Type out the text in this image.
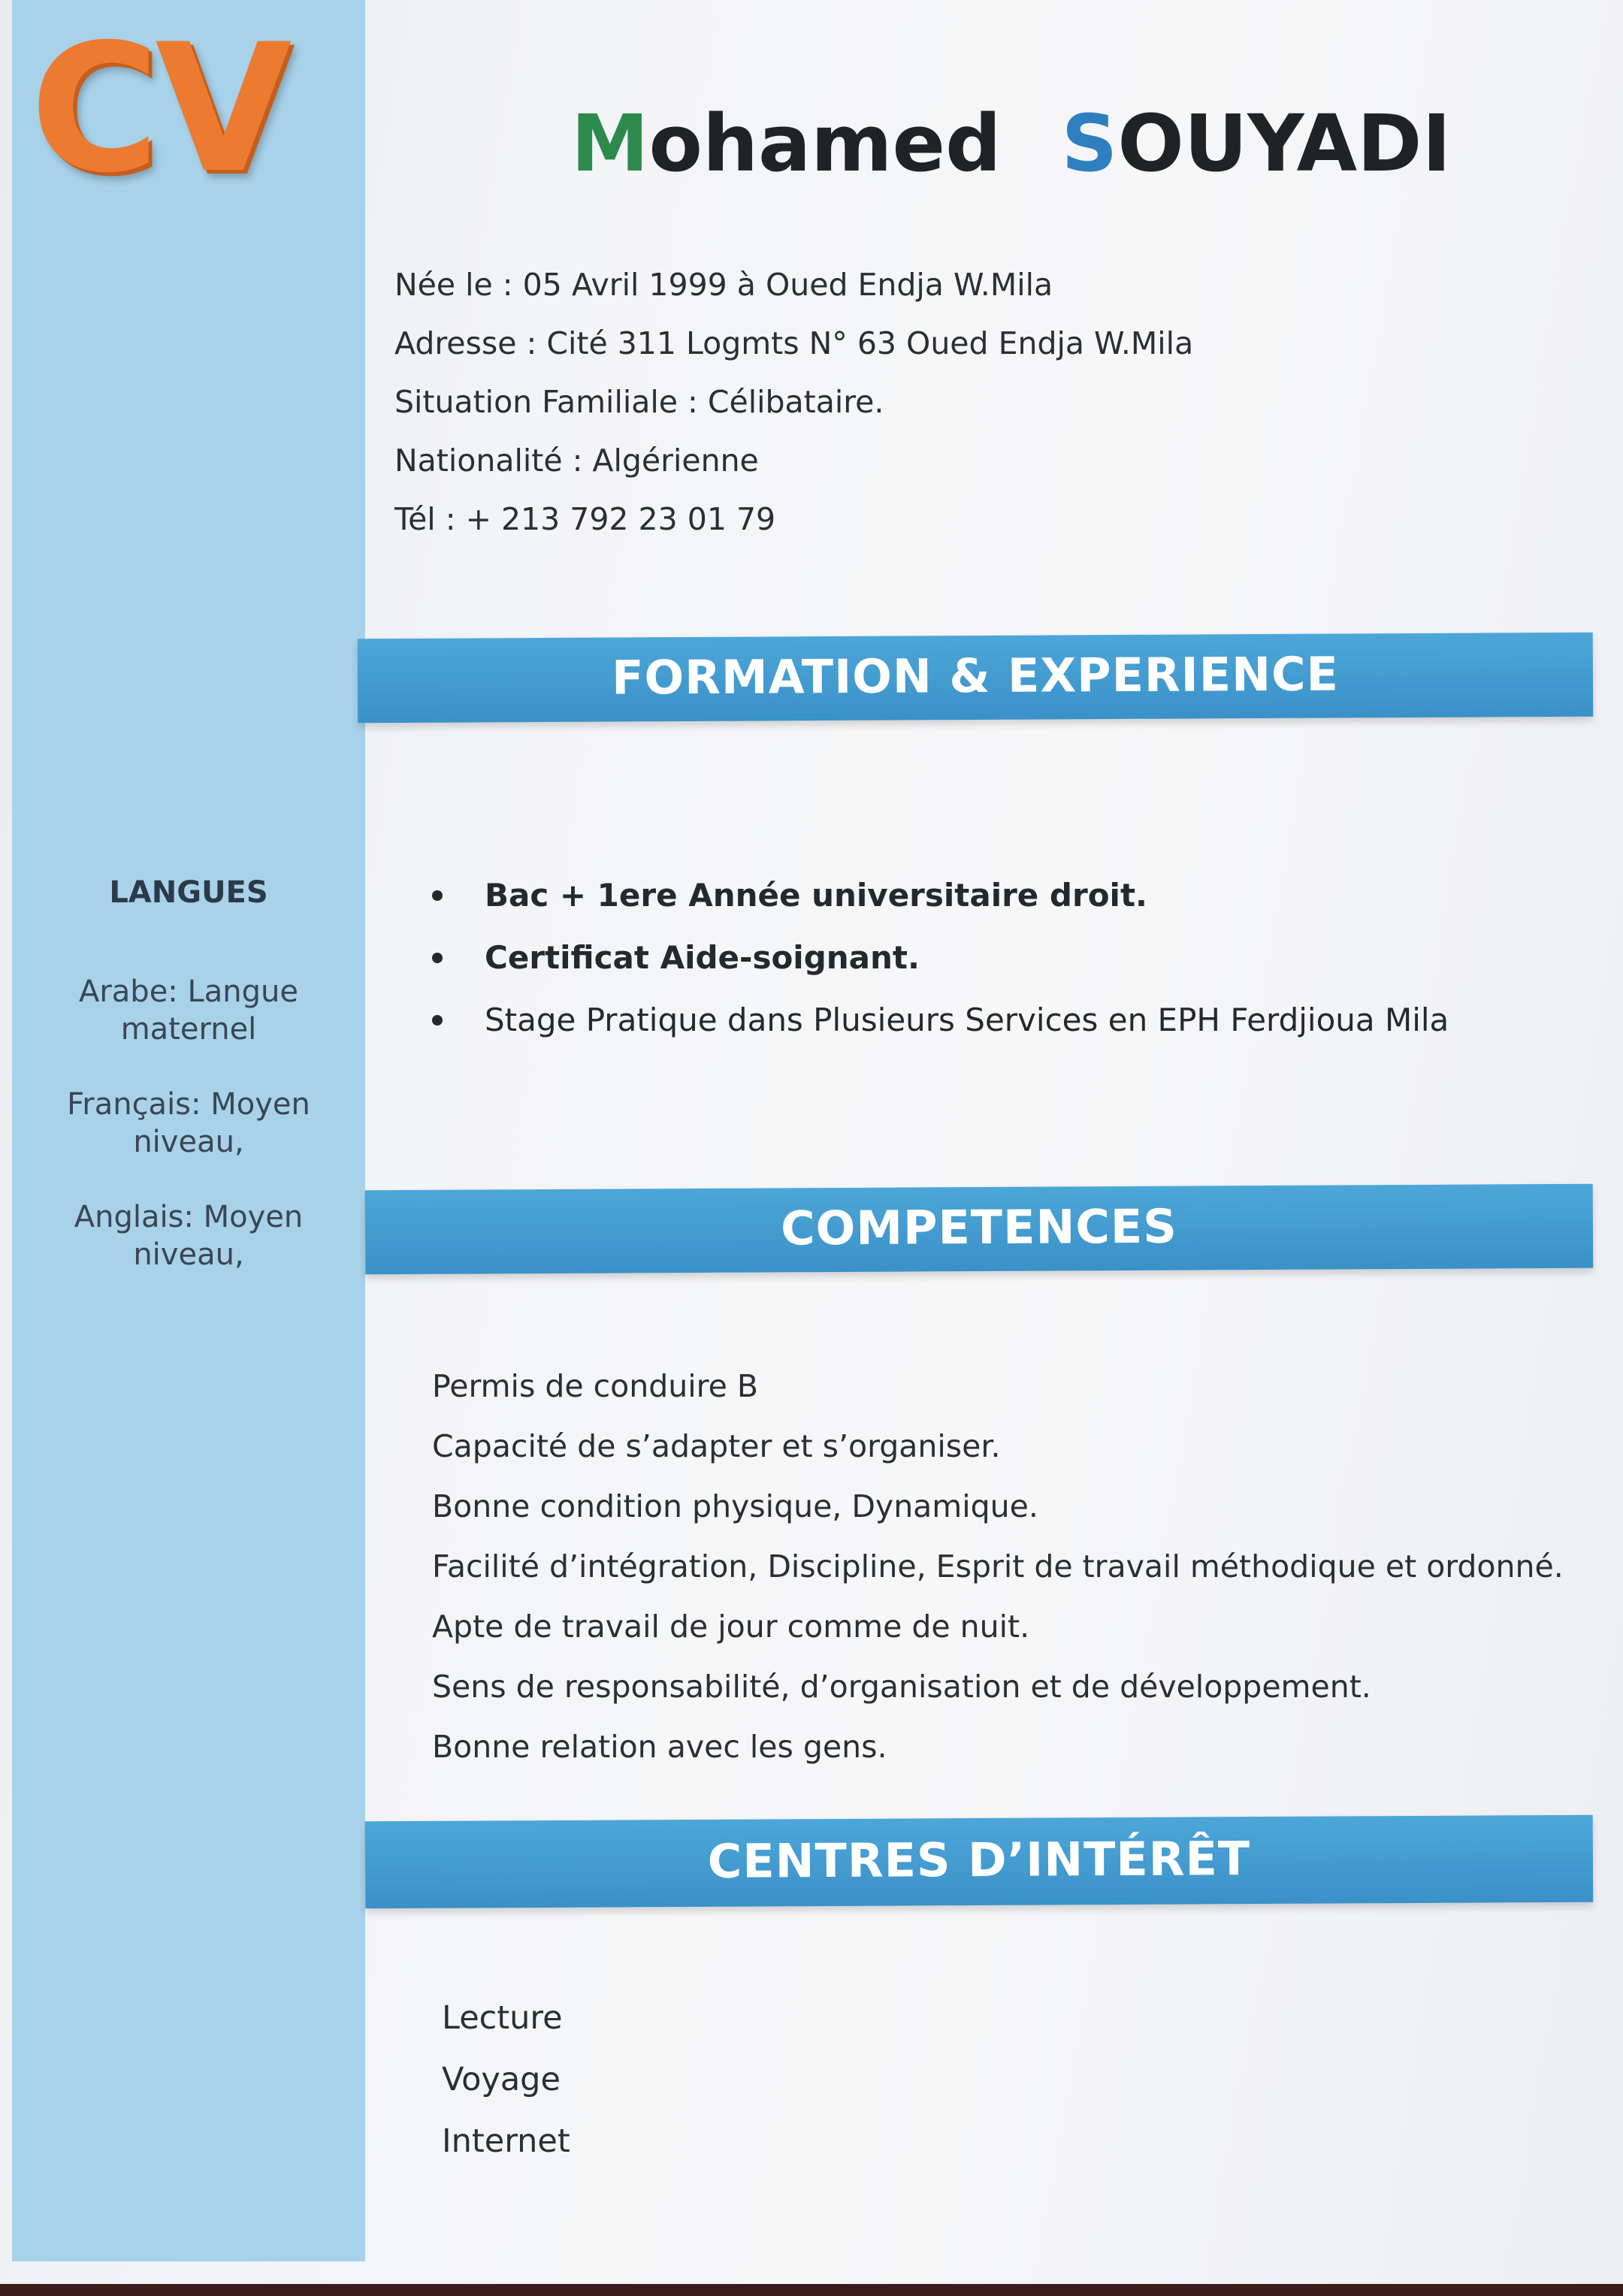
CV	Mohamed SOUYADI
Née le : 05 Avril 1999 à Oued Endja W.Mila
Adresse : Cité 311 Logmts N° 63 Oued Endja W.Mila
Situation Familiale : Célibataire.
Nationalité : Algérienne
Tél : + 213 792 23 01 79
FORMATION & EXPERIENCE
LANGUES
Arabe: Langue
maternel
Français: Moyen
niveau,
Anglais: Moyen
niveau,
Bac + 1ere Année universitaire droit.
Certificat Aide-soignant.
Stage Pratique dans Plusieurs Services en EPH Ferdjioua Mila
COMPETENCES
Permis de conduire B
Capacité de s’adapter et s’organiser.
Bonne condition physique, Dynamique.
Facilité d’intégration, Discipline, Esprit de travail méthodique et ordonné.
Apte de travail de jour comme de nuit.
Sens de responsabilité, d’organisation et de développement.
Bonne relation avec les gens.
CENTRES D’INTÉRÊT
Lecture
Voyage
Internet
